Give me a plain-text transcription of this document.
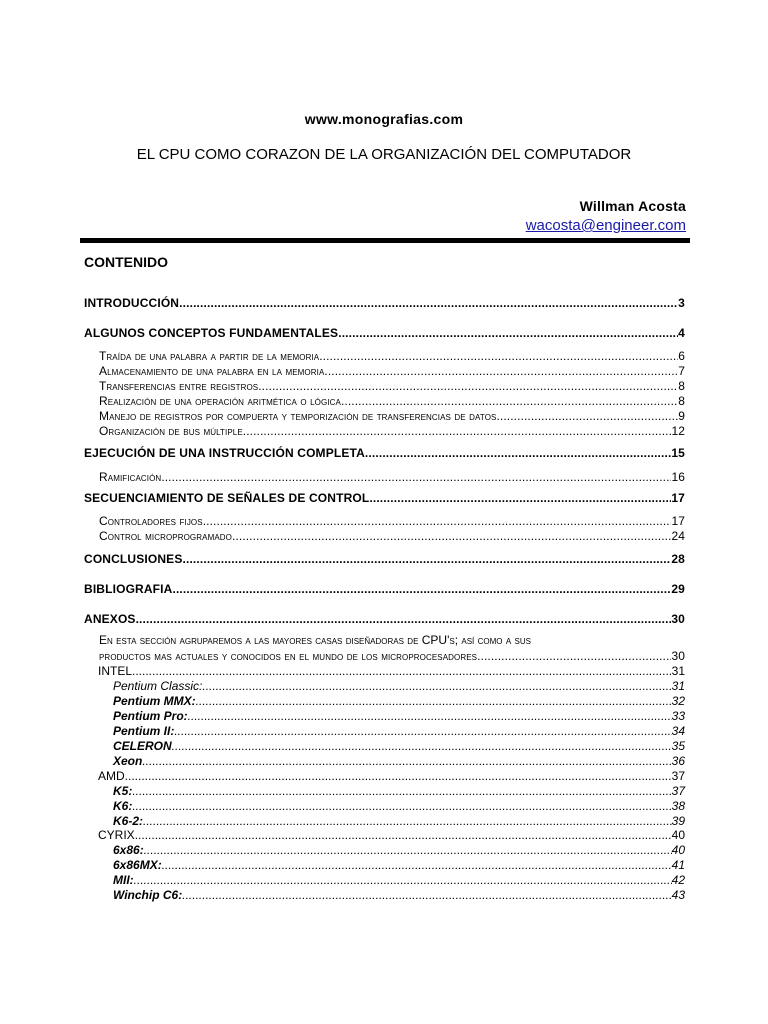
www.monografias.com
EL CPU COMO CORAZON DE LA ORGANIZACIÓN DEL COMPUTADOR
Willman Acosta
wacosta@engineer.com
CONTENIDO
INTRODUCCIÓN .....	3
ALGUNOS CONCEPTOS FUNDAMENTALES .....	4
Traída de una palabra a partir de la memoria .....	6
Almacenamiento de una palabra en la memoria .....	7
Transferencias entre registros .....	8
Realización de una operación aritmética o lógica .....	8
Manejo de registros por compuerta y temporización de transferencias de datos .....	9
Organización de bus múltiple .....	12
EJECUCIÓN DE UNA INSTRUCCIÓN COMPLETA .....	15
Ramificación .....	16
SECUENCIAMIENTO DE SEÑALES DE CONTROL .....	17
Controladores fijos .....	17
Control microprogramado .....	24
CONCLUSIONES .....	28
BIBLIOGRAFIA .....	29
ANEXOS .....	30
En esta sección agruparemos a las mayores casas diseñadoras de CPU's; así como a sus
productos mas actuales y conocidos en el mundo de los microprocesadores .....	30
INTEL .....	31
Pentium Classic: .....	31
Pentium MMX: .....	32
Pentium Pro: .....	33
Pentium II: .....	34
CELERON .....	35
Xeon .....	36
AMD .....	37
K5: .....	37
K6: .....	38
K6-2: .....	39
CYRIX .....	40
6x86: .....	40
6x86MX: .....	41
MII: .....	42
Winchip C6: .....	43
